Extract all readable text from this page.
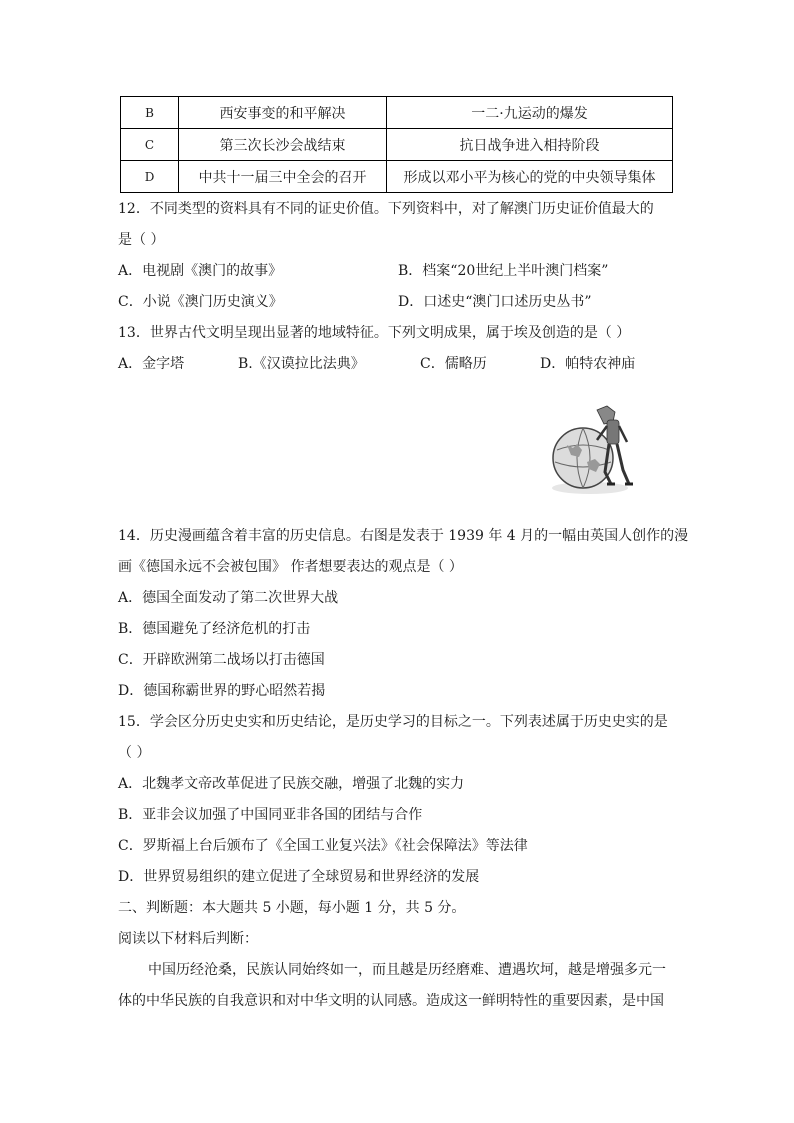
B	西安事变的和平解决	一二·九运动的爆发
C	第三次长沙会战结束	抗日战争进入相持阶段
D	中共十一届三中全会的召开	形成以邓小平为核心的党的中央领导集体
12．不同类型的资料具有不同的证史价值。下列资料中，对了解澳门历史证价值最大的
是（ ）
A．电视剧《澳门的故事》	B．档案“20世纪上半叶澳门档案”
C．小说《澳门历史演义》	D．口述史“澳门口述历史丛书”
13．世界古代文明呈现出显著的地域特征。下列文明成果，属于埃及创造的是（ ）
A．金字塔	B.《汉谟拉比法典》	C．儒略历	D．帕特农神庙
14．历史漫画蕴含着丰富的历史信息。右图是发表于 1939 年 4 月的一幅由英国人创作的漫
画《德国永远不会被包围》 作者想要表达的观点是（ ）
A．德国全面发动了第二次世界大战
B．德国避免了经济危机的打击
C．开辟欧洲第二战场以打击德国
D．德国称霸世界的野心昭然若揭
15．学会区分历史史实和历史结论，是历史学习的目标之一。下列表述属于历史史实的是
（ ）
A．北魏孝文帝改革促进了民族交融，增强了北魏的实力
B．亚非会议加强了中国同亚非各国的团结与合作
C．罗斯福上台后颁布了《全国工业复兴法》《社会保障法》等法律
D．世界贸易组织的建立促进了全球贸易和世界经济的发展
二、判断题：本大题共 5 小题，每小题 1 分，共 5 分。
阅读以下材料后判断：
中国历经沧桑，民族认同始终如一，而且越是历经磨难、遭遇坎坷，越是增强多元一
体的中华民族的自我意识和对中华文明的认同感。造成这一鲜明特性的重要因素，是中国
